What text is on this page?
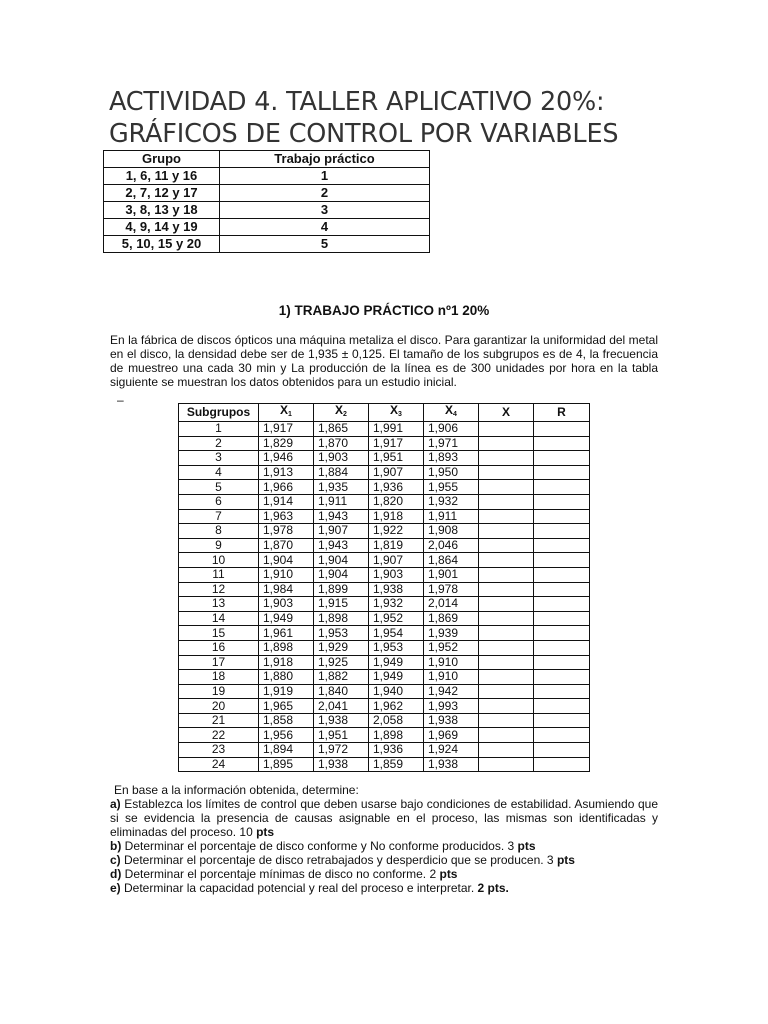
ACTIVIDAD 4. TALLER APLICATIVO 20%:
GRÁFICOS DE CONTROL POR VARIABLES
Grupo	Trabajo práctico
1, 6, 11 y 16	1
2, 7, 12 y 17	2
3, 8, 13 y 18	3
4, 9, 14 y 19	4
5, 10, 15 y 20	5
1) TRABAJO PRÁCTICO nº1 20%
En la fábrica de discos ópticos una máquina metaliza el disco. Para garantizar la uniformidad del metal en el disco, la densidad debe ser de 1,935 ± 0,125. El tamaño de los subgrupos es de 4, la frecuencia de muestreo una cada 30 min y La producción de la línea es de 300 unidades por hora en la tabla siguiente se muestran los datos obtenidos para un estudio inicial.
–
Subgrupos	$X_1$	$X_2$	$X_3$	$X_4$	X	R
1	1,917	1,865	1,991	1,906		
2	1,829	1,870	1,917	1,971		
3	1,946	1,903	1,951	1,893		
4	1,913	1,884	1,907	1,950		
5	1,966	1,935	1,936	1,955		
6	1,914	1,911	1,820	1,932		
7	1,963	1,943	1,918	1,911		
8	1,978	1,907	1,922	1,908		
9	1,870	1,943	1,819	2,046		
10	1,904	1,904	1,907	1,864		
11	1,910	1,904	1,903	1,901		
12	1,984	1,899	1,938	1,978		
13	1,903	1,915	1,932	2,014		
14	1,949	1,898	1,952	1,869		
15	1,961	1,953	1,954	1,939		
16	1,898	1,929	1,953	1,952		
17	1,918	1,925	1,949	1,910		
18	1,880	1,882	1,949	1,910		
19	1,919	1,840	1,940	1,942		
20	1,965	2,041	1,962	1,993		
21	1,858	1,938	2,058	1,938		
22	1,956	1,951	1,898	1,969		
23	1,894	1,972	1,936	1,924		
24	1,895	1,938	1,859	1,938		

En base a la información obtenida, determine:

a) Establezca los límites de control que deben usarse bajo condiciones de estabilidad. Asumiendo que si se evidencia la presencia de causas asignable en el proceso, las mismas son identificadas y eliminadas del proceso. 10 pts

b) Determinar el porcentaje de disco conforme y No conforme producidos. 3 pts

c) Determinar el porcentaje de disco retrabajados y desperdicio que se producen. 3 pts

d) Determinar el porcentaje mínimas de disco no conforme. 2 pts

e) Determinar la capacidad potencial y real del proceso e interpretar. 2 pts.
